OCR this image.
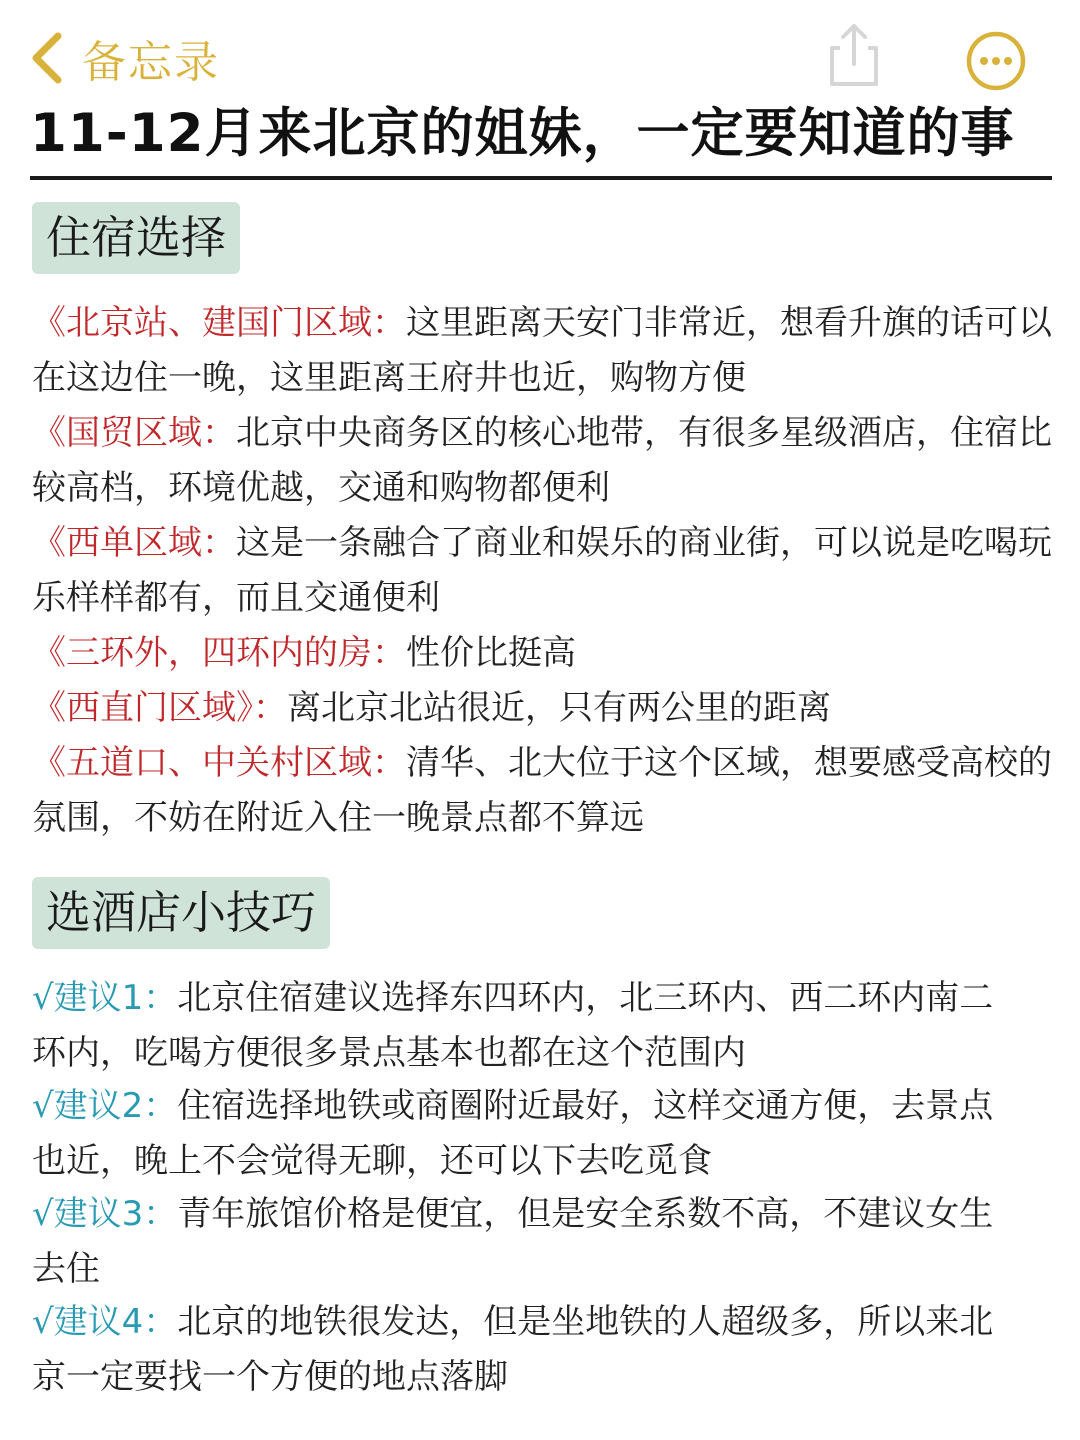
备忘录
11-12月来北京的姐妹，一定要知道的事
住宿选择
《北京站、建国门区域：这里距离天安门非常近，想看升旗的话可以在这边住一晚，这里距离王府井也近，购物方便
《国贸区域：北京中央商务区的核心地带，有很多星级酒店，住宿比较高档，环境优越，交通和购物都便利
《西单区域：这是一条融合了商业和娱乐的商业街，可以说是吃喝玩乐样样都有，而且交通便利
《三环外，四环内的房：性价比挺高
《西直门区域》：离北京北站很近，只有两公里的距离
《五道口、中关村区域：清华、北大位于这个区域，想要感受高校的氛围，不妨在附近入住一晚景点都不算远
选酒店小技巧
√建议1：北京住宿建议选择东四环内，北三环内、西二环内南二环内，吃喝方便很多景点基本也都在这个范围内
√建议2：住宿选择地铁或商圈附近最好，这样交通方便，去景点也近，晚上不会觉得无聊，还可以下去吃觅食
√建议3：青年旅馆价格是便宜，但是安全系数不高，不建议女生去住
√建议4：北京的地铁很发达，但是坐地铁的人超级多，所以来北京一定要找一个方便的地点落脚
